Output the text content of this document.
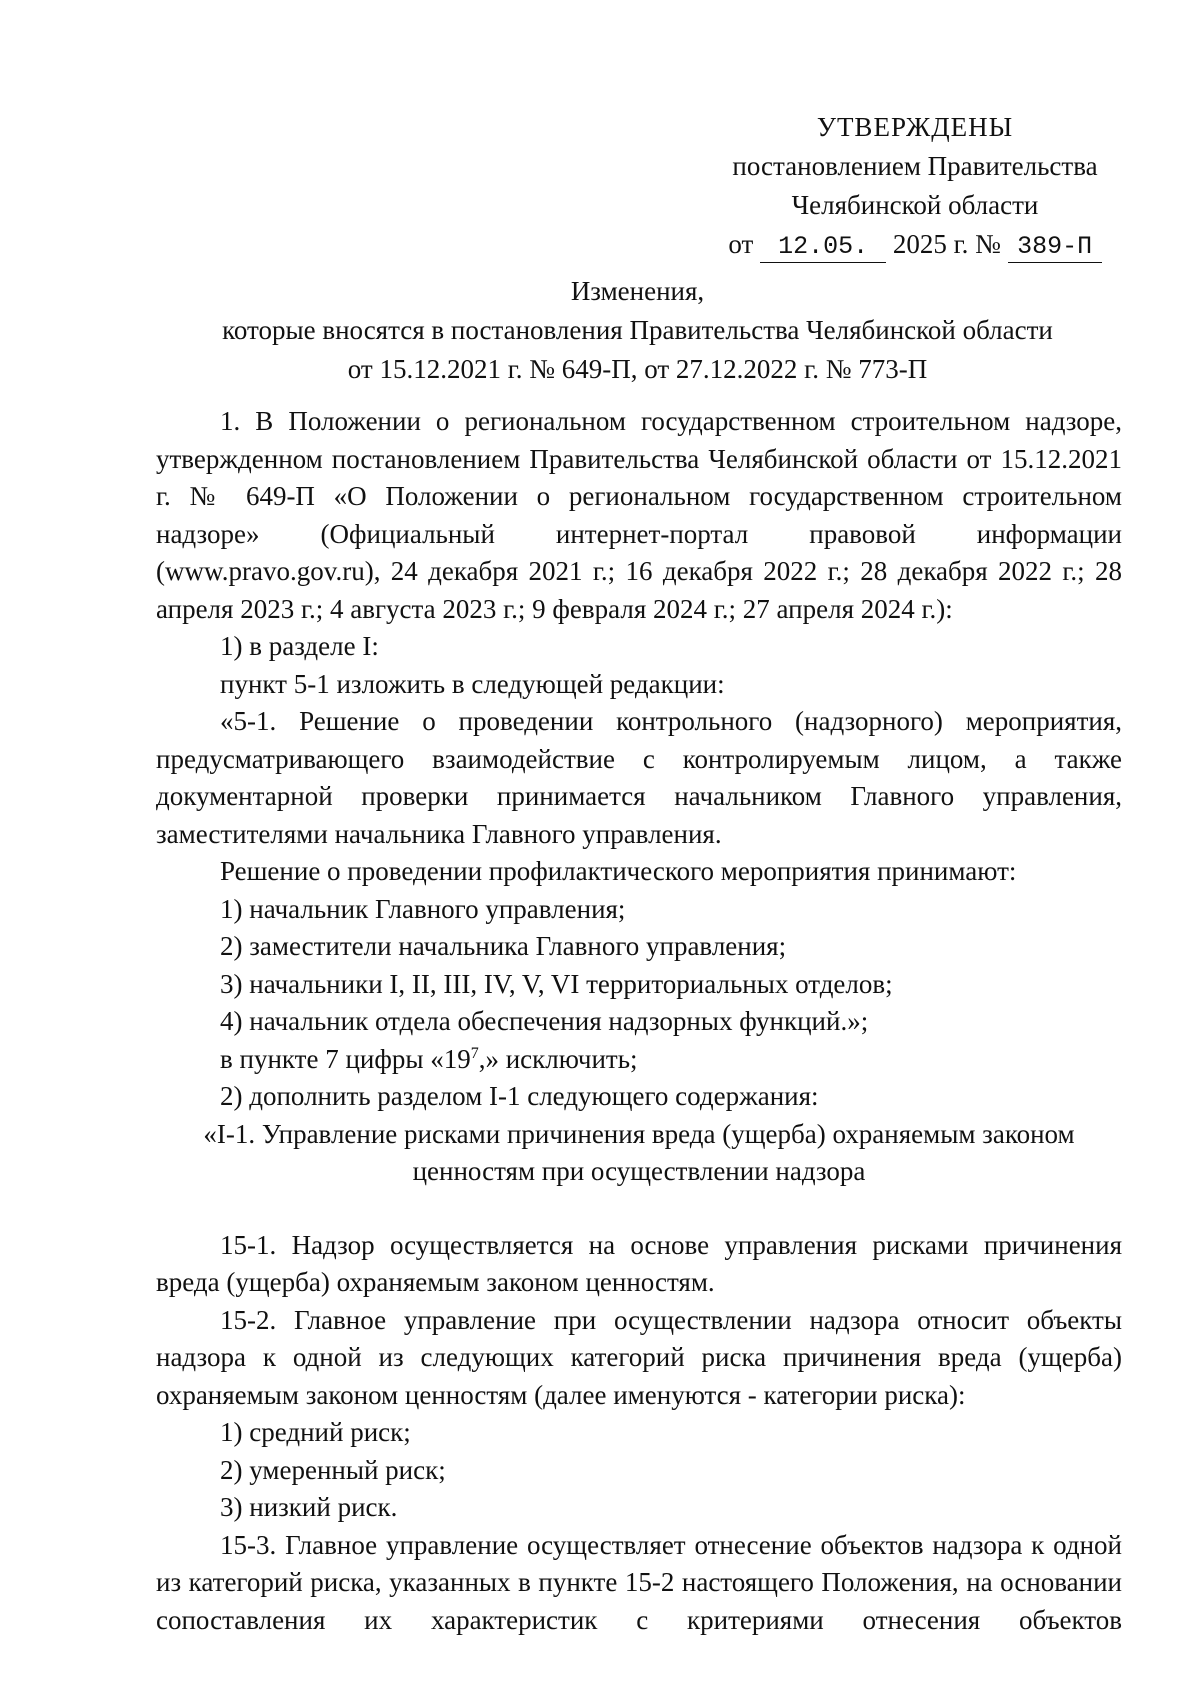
УТВЕРЖДЕНЫ
постановлением Правительства
Челябинской области
от 12.05. 2025 г. № 389-П
Изменения,
которые вносятся в постановления Правительства Челябинской области
от 15.12.2021 г. № 649-П, от 27.12.2022 г. № 773-П

1. В Положении о региональном государственном строительном надзоре, утвержденном постановлением Правительства Челябинской области от 15.12.2021 г. № 649-П «О Положении о региональном государственном строительном надзоре» (Официальный интернет-портал правовой информации (www.pravo.gov.ru), 24 декабря 2021 г.; 16 декабря 2022 г.; 28 декабря 2022 г.; 28 апреля 2023 г.; 4 августа 2023 г.; 9 февраля 2024 г.; 27 апреля 2024 г.):

1) в разделе I:

пункт 5-1 изложить в следующей редакции:

«5-1. Решение о проведении контрольного (надзорного) мероприятия, предусматривающего взаимодействие с контролируемым лицом, а также документарной проверки принимается начальником Главного управления, заместителями начальника Главного управления.

Решение о проведении профилактического мероприятия принимают:

1) начальник Главного управления;

2) заместители начальника Главного управления;

3) начальники I, II, III, IV, V, VI территориальных отделов;

4) начальник отдела обеспечения надзорных функций.»;

в пункте 7 цифры «$19^7$,» исключить;

2) дополнить разделом I-1 следующего содержания:

«I-1. Управление рисками причинения вреда (ущерба) охраняемым законом ценностям при осуществлении надзора

15-1. Надзор осуществляется на основе управления рисками причинения вреда (ущерба) охраняемым законом ценностям.

15-2. Главное управление при осуществлении надзора относит объекты надзора к одной из следующих категорий риска причинения вреда (ущерба) охраняемым законом ценностям (далее именуются - категории риска):

1) средний риск;

2) умеренный риск;

3) низкий риск.

15-3. Главное управление осуществляет отнесение объектов надзора к одной из категорий риска, указанных в пункте 15-2 настоящего Положения, на основании сопоставления их характеристик с критериями отнесения объектов
